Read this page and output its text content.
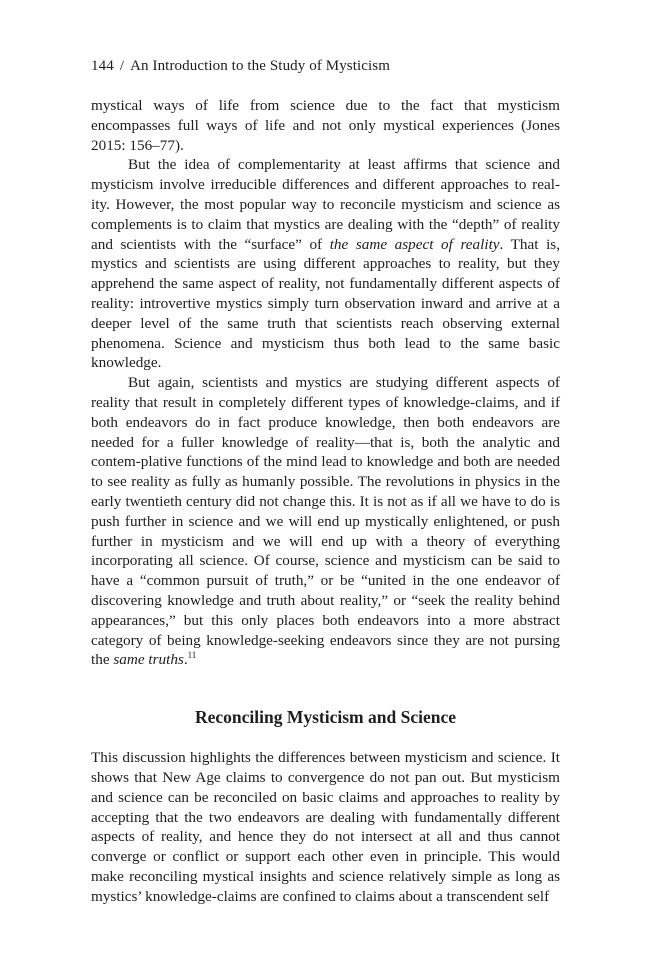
144 / An Introduction to the Study of Mysticism

mystical ways of life from science due to the fact that mysticism encompasses full ways of life and not only mystical experiences (Jones 2015: 156–77).

But the idea of complementarity at least affirms that science and mysticism involve irreducible differences and different approaches to real-ity. However, the most popular way to reconcile mysticism and science as complements is to claim that mystics are dealing with the “depth” of reality and scientists with the “surface” of the same aspect of reality. That is, mystics and scientists are using different approaches to reality, but they apprehend the same aspect of reality, not fundamentally different aspects of reality: introvertive mystics simply turn observation inward and arrive at a deeper level of the same truth that scientists reach observing external phenomena. Science and mysticism thus both lead to the same basic knowledge.

But again, scientists and mystics are studying different aspects of reality that result in completely different types of knowledge-claims, and if both endeavors do in fact produce knowledge, then both endeavors are needed for a fuller knowledge of reality—that is, both the analytic and contem-plative functions of the mind lead to knowledge and both are needed to see reality as fully as humanly possible. The revolutions in physics in the early twentieth century did not change this. It is not as if all we have to do is push further in science and we will end up mystically enlightened, or push further in mysticism and we will end up with a theory of everything incorporating all science. Of course, science and mysticism can be said to have a “common pursuit of truth,” or be “united in the one endeavor of discovering knowledge and truth about reality,” or “seek the reality behind appearances,” but this only places both endeavors into a more abstract category of being knowledge-seeking endeavors since they are not pursing the same truths.$^{11}$

Reconciling Mysticism and Science

This discussion highlights the differences between mysticism and science. It shows that New Age claims to convergence do not pan out. But mysticism and science can be reconciled on basic claims and approaches to reality by accepting that the two endeavors are dealing with fundamentally different aspects of reality, and hence they do not intersect at all and thus cannot converge or conflict or support each other even in principle. This would make reconciling mystical insights and science relatively simple as long as mystics’ knowledge-claims are confined to claims about a transcendent self
